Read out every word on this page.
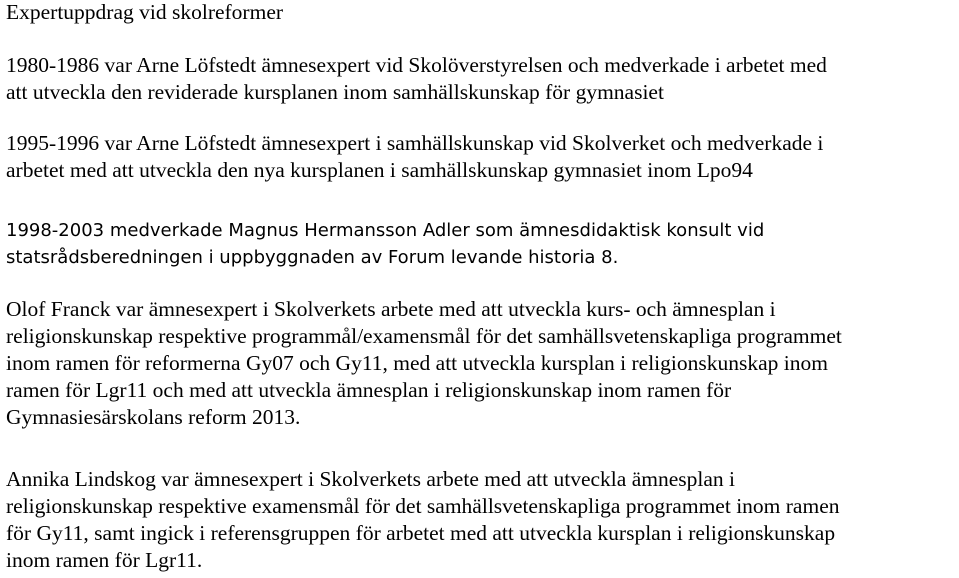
Expertuppdrag vid skolreformer

1980-1986 var Arne Löfstedt ämnesexpert vid Skolöverstyrelsen och medverkade i arbetet med
att utveckla den reviderade kursplanen inom samhällskunskap för gymnasiet

1995-1996 var Arne Löfstedt ämnesexpert i samhällskunskap vid Skolverket och medverkade i
arbetet med att utveckla den nya kursplanen i samhällskunskap gymnasiet inom Lpo94

1998-2003 medverkade Magnus Hermansson Adler som ämnesdidaktisk konsult vid
statsrådsberedningen i uppbyggnaden av Forum levande historia 8.

Olof Franck var ämnesexpert i Skolverkets arbete med att utveckla kurs- och ämnesplan i
religionskunskap respektive programmål/examensmål för det samhällsvetenskapliga programmet
inom ramen för reformerna Gy07 och Gy11, med att utveckla kursplan i religionskunskap inom
ramen för Lgr11 och med att utveckla ämnesplan i religionskunskap inom ramen för
Gymnasiesärskolans reform 2013.

Annika Lindskog var ämnesexpert i Skolverkets arbete med att utveckla ämnesplan i
religionskunskap respektive examensmål för det samhällsvetenskapliga programmet inom ramen
för Gy11, samt ingick i referensgruppen för arbetet med att utveckla kursplan i religionskunskap
inom ramen för Lgr11.
